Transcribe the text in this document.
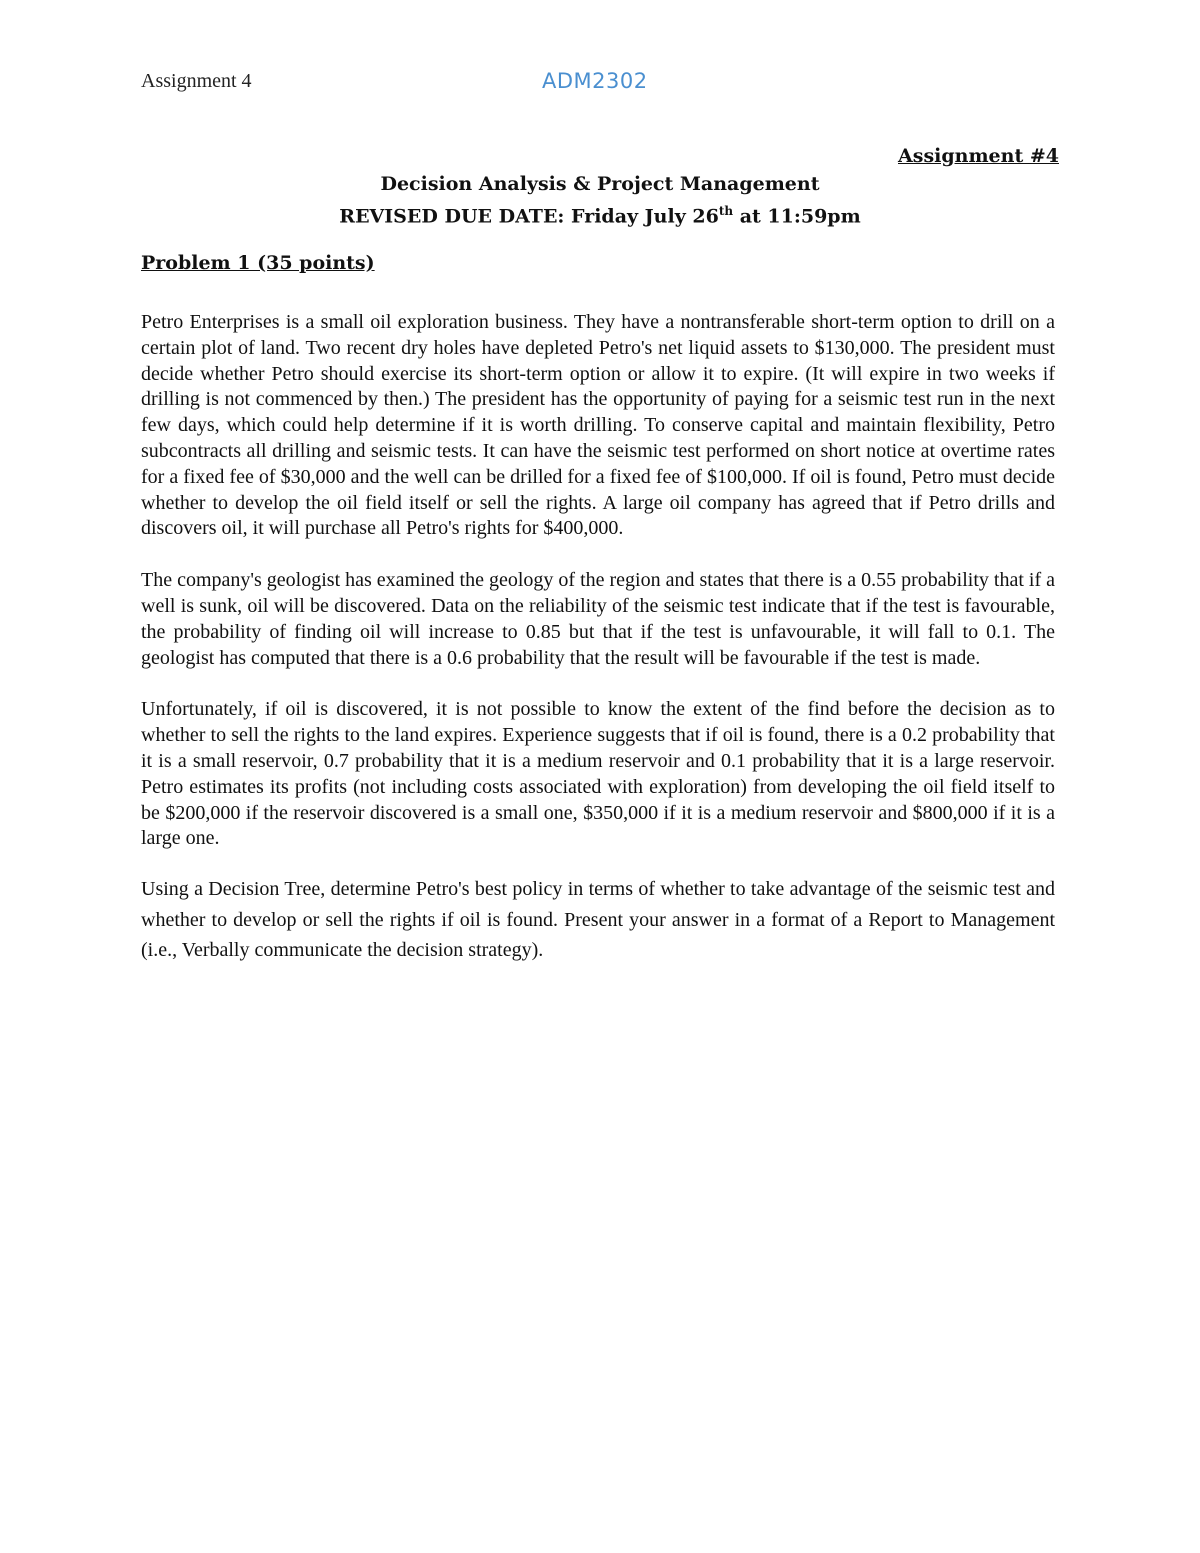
Assignment 4	ADM2302
Assignment #4
Decision Analysis & Project Management
REVISED DUE DATE: Friday July 26th at 11:59pm
Problem 1 (35 points)

Petro Enterprises is a small oil exploration business. They have a nontransferable short-term option to drill on a certain plot of land. Two recent dry holes have depleted Petro's net liquid assets to $130,000. The president must decide whether Petro should exercise its short-term option or allow it to expire. (It will expire in two weeks if drilling is not commenced by then.) The president has the opportunity of paying for a seismic test run in the next few days, which could help determine if it is worth drilling. To conserve capital and maintain flexibility, Petro subcontracts all drilling and seismic tests. It can have the seismic test performed on short notice at overtime rates for a fixed fee of $30,000 and the well can be drilled for a fixed fee of $100,000. If oil is found, Petro must decide whether to develop the oil field itself or sell the rights. A large oil company has agreed that if Petro drills and discovers oil, it will purchase all Petro's rights for $400,000.

The company's geologist has examined the geology of the region and states that there is a 0.55 probability that if a well is sunk, oil will be discovered. Data on the reliability of the seismic test indicate that if the test is favourable, the probability of finding oil will increase to 0.85 but that if the test is unfavourable, it will fall to 0.1. The geologist has computed that there is a 0.6 probability that the result will be favourable if the test is made.

Unfortunately, if oil is discovered, it is not possible to know the extent of the find before the decision as to whether to sell the rights to the land expires. Experience suggests that if oil is found, there is a 0.2 probability that it is a small reservoir, 0.7 probability that it is a medium reservoir and 0.1 probability that it is a large reservoir. Petro estimates its profits (not including costs associated with exploration) from developing the oil field itself to be $200,000 if the reservoir discovered is a small one, $350,000 if it is a medium reservoir and $800,000 if it is a large one.

Using a Decision Tree, determine Petro's best policy in terms of whether to take advantage of the seismic test and whether to develop or sell the rights if oil is found. Present your answer in a format of a Report to Management (i.e., Verbally communicate the decision strategy).
